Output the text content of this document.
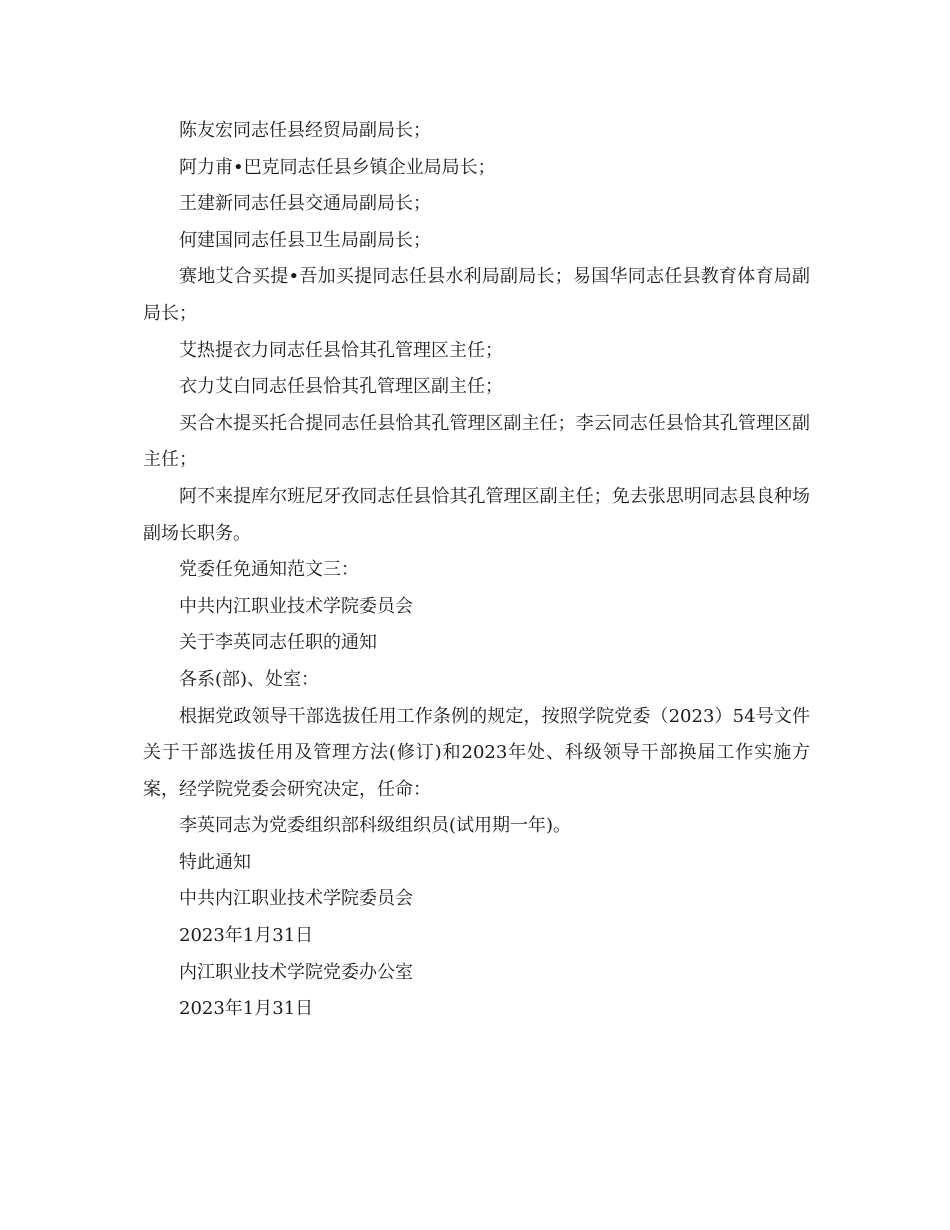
陈友宏同志任县经贸局副局长；

阿力甫•巴克同志任县乡镇企业局局长；

王建新同志任县交通局副局长；

何建国同志任县卫生局副局长；

赛地艾合买提•吾加买提同志任县水利局副局长；易国华同志任县教育体育局副局长；

艾热提衣力同志任县恰其孔管理区主任；

衣力艾白同志任县恰其孔管理区副主任；

买合木提买托合提同志任县恰其孔管理区副主任；李云同志任县恰其孔管理区副主任；

阿不来提库尔班尼牙孜同志任县恰其孔管理区副主任；免去张思明同志县良种场副场长职务。

党委任免通知范文三：

中共内江职业技术学院委员会

关于李英同志任职的通知

各系(部)、处室：

根据党政领导干部选拔任用工作条例的规定，按照学院党委（2023）54号文件关于干部选拔任用及管理方法(修订)和2023年处、科级领导干部换届工作实施方案，经学院党委会研究决定，任命：

李英同志为党委组织部科级组织员(试用期一年)。

特此通知

中共内江职业技术学院委员会

2023年1月31日

内江职业技术学院党委办公室

2023年1月31日
